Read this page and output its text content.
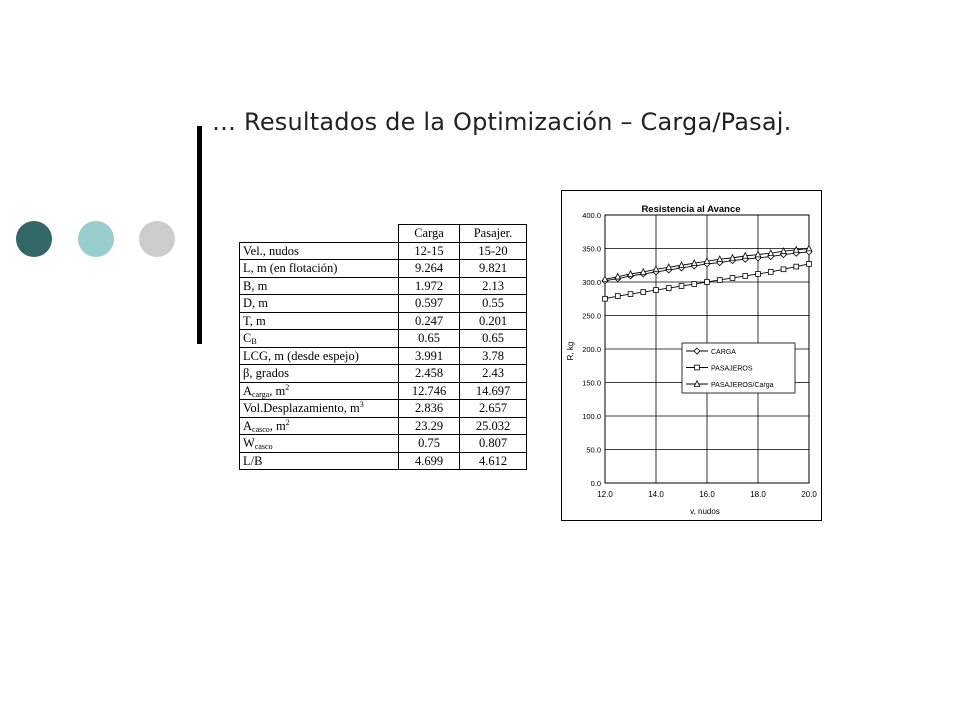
… Resultados de la Optimización – Carga/Pasaj.
	Carga	Pasajer.
Vel., nudos	12-15	15-20
L, m (en flotación)	9.264	9.821
B, m	1.972	2.13
D, m	0.597	0.55
T, m	0.247	0.201
$C_B$	0.65	0.65
LCG, m (desde espejo)	3.991	3.78
β, grados	2.458	2.43
$A_{carga}$, $m^2$	12.746	14.697
Vol.Desplazamiento, $m^3$	2.836	2.657
$A_{casco}$, $m^2$	23.29	25.032
$W_{casco}$	0.75	0.807
L/B	4.699	4.612
Resistencia al Avance
R, kg
v, nudos
0.0
50.0
100.0
150.0
200.0
250.0
300.0
350.0
400.0
12.0	14.0	16.0	18.0	20.0
CARGA
PASAJEROS
PASAJEROS/Carga
